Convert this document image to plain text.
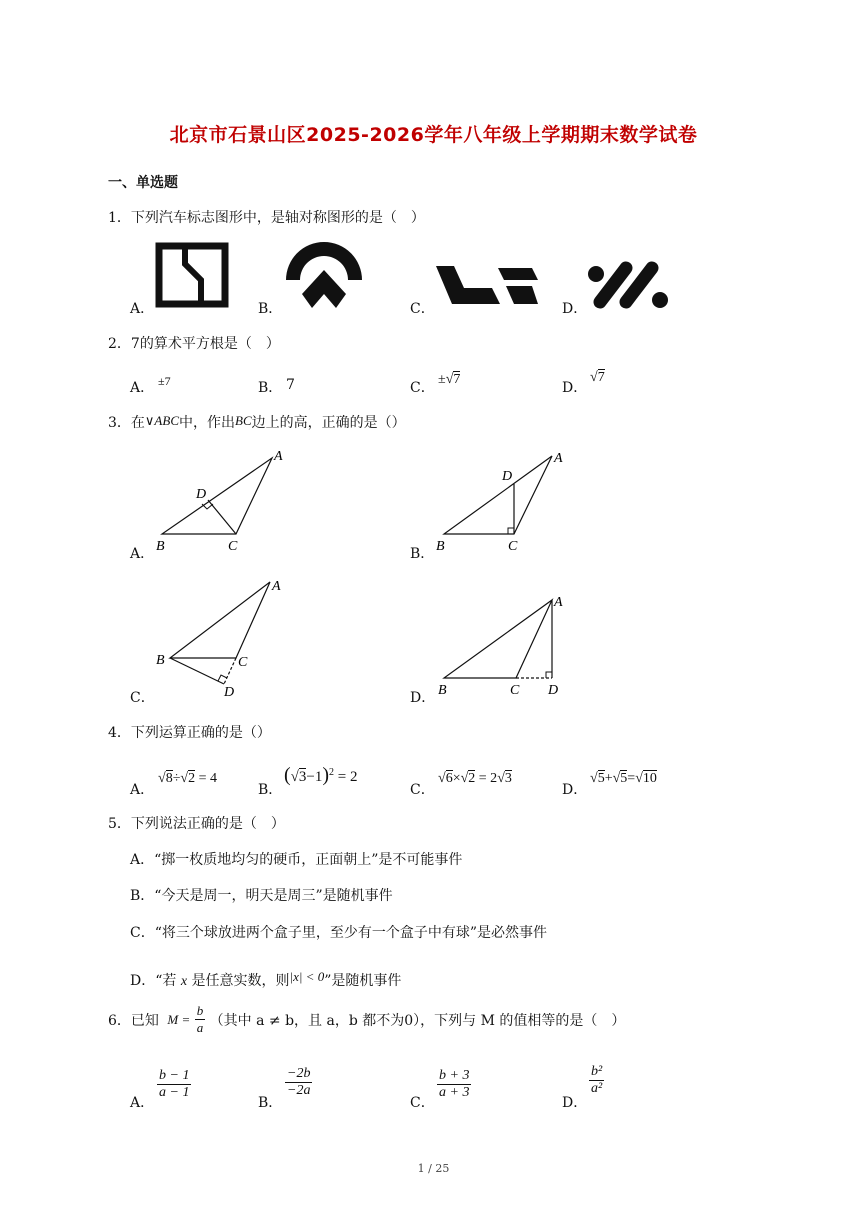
北京市石景山区2025-2026学年八年级上学期期末数学试卷
一、单选题
1．下列汽车标志图形中，是轴对称图形的是（　）
A．	B．	C．	D．
2．7的算术平方根是（　）
A． ±7	B． 7	C．
±√7
D．
√7
3．在∨ABC中，作出BC边上的高，正确的是（）
A．
A
B	C
D
B．
A
B	C
D
C．
A
B	C
D	D．
A
B	C D
4．下列运算正确的是（）
A．
√8÷√2 = 4
B．
$(√3-1)^2 = 2$
C．
√6×√2 = 2√3
D．
√5+√5=√10
5．下列说法正确的是（　）
A．“掷一枚质地均匀的硬币，正面朝上”是不可能事件
B．“今天是周一，明天是周三”是随机事件
C．“将三个球放进两个盒子里，至少有一个盒子中有球”是必然事件
D．“若 x 是任意实数，则|x| < 0”是随机事件
6．已知 $M = \frac{b}{a}$ （其中 a ≠ b，且 a，b 都不为0），下列与 M 的值相等的是（　）
A．
$\frac{b - 1}{a - 1}$
B．
$\frac{-2b}{-2a}$
C．
$\frac{b + 3}{a + 3}$
D．
$\frac{\text{b²}}{\text{a²}}$
1 / 25
